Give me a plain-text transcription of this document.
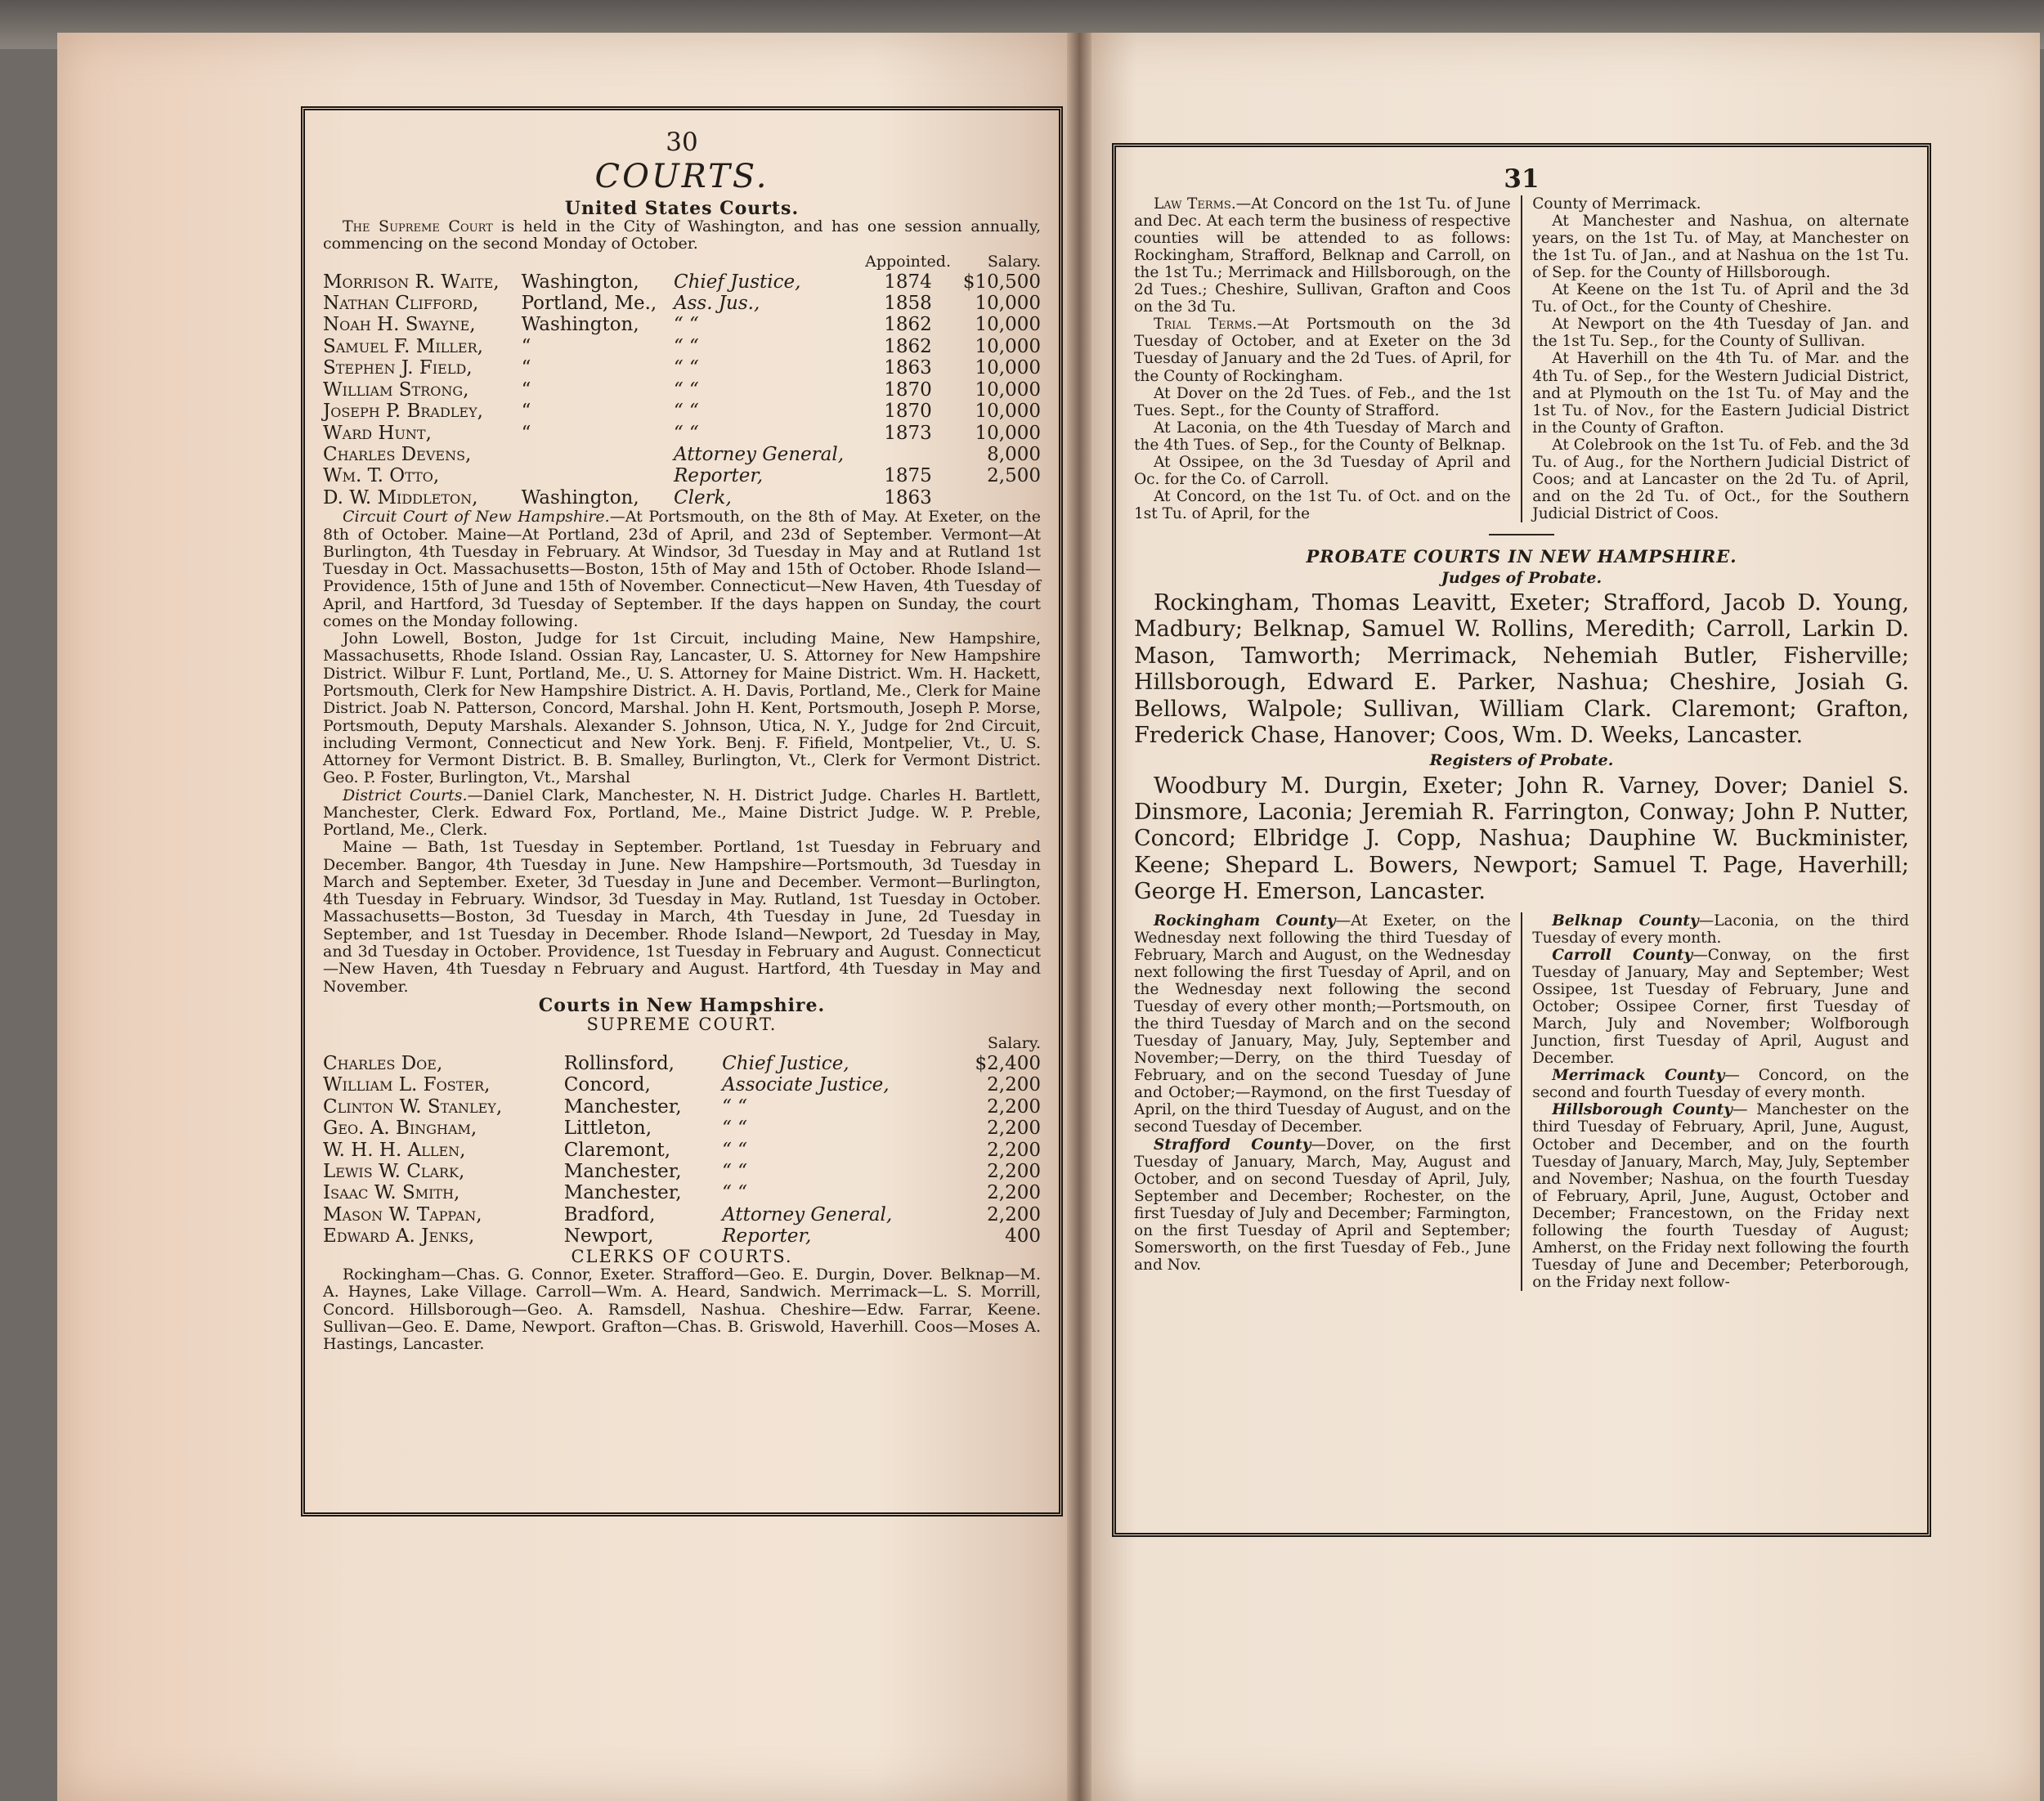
30
COURTS.
United States Courts.

The Supreme Court is held in the City of Washington, and has one session annually, commencing on the second Monday of October.

			Appointed.	Salary.
Morrison R. Waite,	Washington,	Chief Justice,	1874	$10,500
Nathan Clifford,	Portland, Me.,	Ass. Jus.,	1858	10,000
Noah H. Swayne,	Washington,	“ “	1862	10,000
Samuel F. Miller,	“	“ “	1862	10,000
Stephen J. Field,	“	“ “	1863	10,000
William Strong,	“	“ “	1870	10,000
Joseph P. Bradley,	“	“ “	1870	10,000
Ward Hunt,	“	“ “	1873	10,000
Charles Devens,		Attorney General,		8,000
Wm. T. Otto,		Reporter,	1875	2,500
D. W. Middleton,	Washington,	Clerk,	1863	

Circuit Court of New Hampshire.—At Portsmouth, on the 8th of May. At Exeter, on the 8th of October. Maine—At Portland, 23d of April, and 23d of September. Vermont—At Burlington, 4th Tuesday in February. At Windsor, 3d Tuesday in May and at Rutland 1st Tuesday in Oct. Massachusetts—Boston, 15th of May and 15th of October. Rhode Island—Providence, 15th of June and 15th of November. Connecticut—New Haven, 4th Tuesday of April, and Hartford, 3d Tuesday of September. If the days happen on Sunday, the court comes on the Monday following.

John Lowell, Boston, Judge for 1st Circuit, including Maine, New Hampshire, Massachusetts, Rhode Island. Ossian Ray, Lancaster, U. S. Attorney for New Hampshire District. Wilbur F. Lunt, Portland, Me., U. S. Attorney for Maine District. Wm. H. Hackett, Portsmouth, Clerk for New Hampshire District. A. H. Davis, Portland, Me., Clerk for Maine District. Joab N. Patterson, Concord, Marshal. John H. Kent, Portsmouth, Joseph P. Morse, Portsmouth, Deputy Marshals. Alexander S. Johnson, Utica, N. Y., Judge for 2nd Circuit, including Vermont, Connecticut and New York. Benj. F. Fifield, Montpelier, Vt., U. S. Attorney for Vermont District. B. B. Smalley, Burlington, Vt., Clerk for Vermont District. Geo. P. Foster, Burlington, Vt., Marshal

District Courts.—Daniel Clark, Manchester, N. H. District Judge. Charles H. Bartlett, Manchester, Clerk. Edward Fox, Portland, Me., Maine District Judge. W. P. Preble, Portland, Me., Clerk.

Maine — Bath, 1st Tuesday in September. Portland, 1st Tuesday in February and December. Bangor, 4th Tuesday in June. New Hampshire—Portsmouth, 3d Tuesday in March and September. Exeter, 3d Tuesday in June and December. Vermont—Burlington, 4th Tuesday in February. Windsor, 3d Tuesday in May. Rutland, 1st Tuesday in October. Massachusetts—Boston, 3d Tuesday in March, 4th Tuesday in June, 2d Tuesday in September, and 1st Tuesday in December. Rhode Island—Newport, 2d Tuesday in May, and 3d Tuesday in October. Providence, 1st Tuesday in February and August. Connecticut—New Haven, 4th Tuesday n February and August. Hartford, 4th Tuesday in May and November.

Courts in New Hampshire.
SUPREME COURT.
			Salary.
Charles Doe,	Rollinsford,	Chief Justice,	$2,400
William L. Foster,	Concord,	Associate Justice,	2,200
Clinton W. Stanley,	Manchester,	“ “	2,200
Geo. A. Bingham,	Littleton,	“ “	2,200
W. H. H. Allen,	Claremont,	“ “	2,200
Lewis W. Clark,	Manchester,	“ “	2,200
Isaac W. Smith,	Manchester,	“ “	2,200
Mason W. Tappan,	Bradford,	Attorney General,	2,200
Edward A. Jenks,	Newport,	Reporter,	400
CLERKS OF COURTS.

Rockingham—Chas. G. Connor, Exeter. Strafford—Geo. E. Durgin, Dover. Belknap—M. A. Haynes, Lake Village. Carroll—Wm. A. Heard, Sandwich. Merrimack—L. S. Morrill, Concord. Hillsborough—Geo. A. Ramsdell, Nashua. Cheshire—Edw. Farrar, Keene. Sullivan—Geo. E. Dame, Newport. Grafton—Chas. B. Griswold, Haverhill. Coos—Moses A. Hastings, Lancaster.

31

Law Terms.—At Concord on the 1st Tu. of June and Dec. At each term the business of respective counties will be attended to as follows: Rockingham, Strafford, Belknap and Carroll, on the 1st Tu.; Merrimack and Hillsborough, on the 2d Tues.; Cheshire, Sullivan, Grafton and Coos on the 3d Tu.

Trial Terms.—At Portsmouth on the 3d Tuesday of October, and at Exeter on the 3d Tuesday of January and the 2d Tues. of April, for the County of Rockingham.

At Dover on the 2d Tues. of Feb., and the 1st Tues. Sept., for the County of Strafford.

At Laconia, on the 4th Tuesday of March and the 4th Tues. of Sep., for the County of Belknap.

At Ossipee, on the 3d Tuesday of April and Oc. for the Co. of Carroll.

At Concord, on the 1st Tu. of Oct. and on the 1st Tu. of April, for the

County of Merrimack.

At Manchester and Nashua, on alternate years, on the 1st Tu. of May, at Manchester on the 1st Tu. of Jan., and at Nashua on the 1st Tu. of Sep. for the County of Hillsborough.

At Keene on the 1st Tu. of April and the 3d Tu. of Oct., for the County of Cheshire.

At Newport on the 4th Tuesday of Jan. and the 1st Tu. Sep., for the County of Sullivan.

At Haverhill on the 4th Tu. of Mar. and the 4th Tu. of Sep., for the Western Judicial District, and at Plymouth on the 1st Tu. of May and the 1st Tu. of Nov., for the Eastern Judicial District in the County of Grafton.

At Colebrook on the 1st Tu. of Feb. and the 3d Tu. of Aug., for the Northern Judicial District of Coos; and at Lancaster on the 2d Tu. of April, and on the 2d Tu. of Oct., for the Southern Judicial District of Coos.

PROBATE COURTS IN NEW HAMPSHIRE.
Judges of Probate.

Rockingham, Thomas Leavitt, Exeter; Strafford, Jacob D. Young, Madbury; Belknap, Samuel W. Rollins, Meredith; Carroll, Larkin D. Mason, Tamworth; Merrimack, Nehemiah Butler, Fisherville; Hillsborough, Edward E. Parker, Nashua; Cheshire, Josiah G. Bellows, Walpole; Sullivan, William Clark. Claremont; Grafton, Frederick Chase, Hanover; Coos, Wm. D. Weeks, Lancaster.

Registers of Probate.

Woodbury M. Durgin, Exeter; John R. Varney, Dover; Daniel S. Dinsmore, Laconia; Jeremiah R. Farrington, Conway; John P. Nutter, Concord; Elbridge J. Copp, Nashua; Dauphine W. Buckminister, Keene; Shepard L. Bowers, Newport; Samuel T. Page, Haverhill; George H. Emerson, Lancaster.

Rockingham County—At Exeter, on the Wednesday next following the third Tuesday of February, March and August, on the Wednesday next following the first Tuesday of April, and on the Wednesday next following the second Tuesday of every other month;—Portsmouth, on the third Tuesday of March and on the second Tuesday of January, May, July, September and November;—Derry, on the third Tuesday of February, and on the second Tuesday of June and October;—Raymond, on the first Tuesday of April, on the third Tuesday of August, and on the second Tuesday of December.

Strafford County—Dover, on the first Tuesday of January, March, May, August and October, and on second Tuesday of April, July, September and December; Rochester, on the first Tuesday of July and December; Farmington, on the first Tuesday of April and September; Somersworth, on the first Tuesday of Feb., June and Nov.

Belknap County—Laconia, on the third Tuesday of every month.

Carroll County—Conway, on the first Tuesday of January, May and September; West Ossipee, 1st Tuesday of February, June and October; Ossipee Corner, first Tuesday of March, July and November; Wolfborough Junction, first Tuesday of April, August and December.

Merrimack County— Concord, on the second and fourth Tuesday of every month.

Hillsborough County— Manchester on the third Tuesday of February, April, June, August, October and December, and on the fourth Tuesday of January, March, May, July, September and November; Nashua, on the fourth Tuesday of February, April, June, August, October and December; Francestown, on the Friday next following the fourth Tuesday of August; Amherst, on the Friday next following the fourth Tuesday of June and December; Peterborough, on the Friday next follow-
